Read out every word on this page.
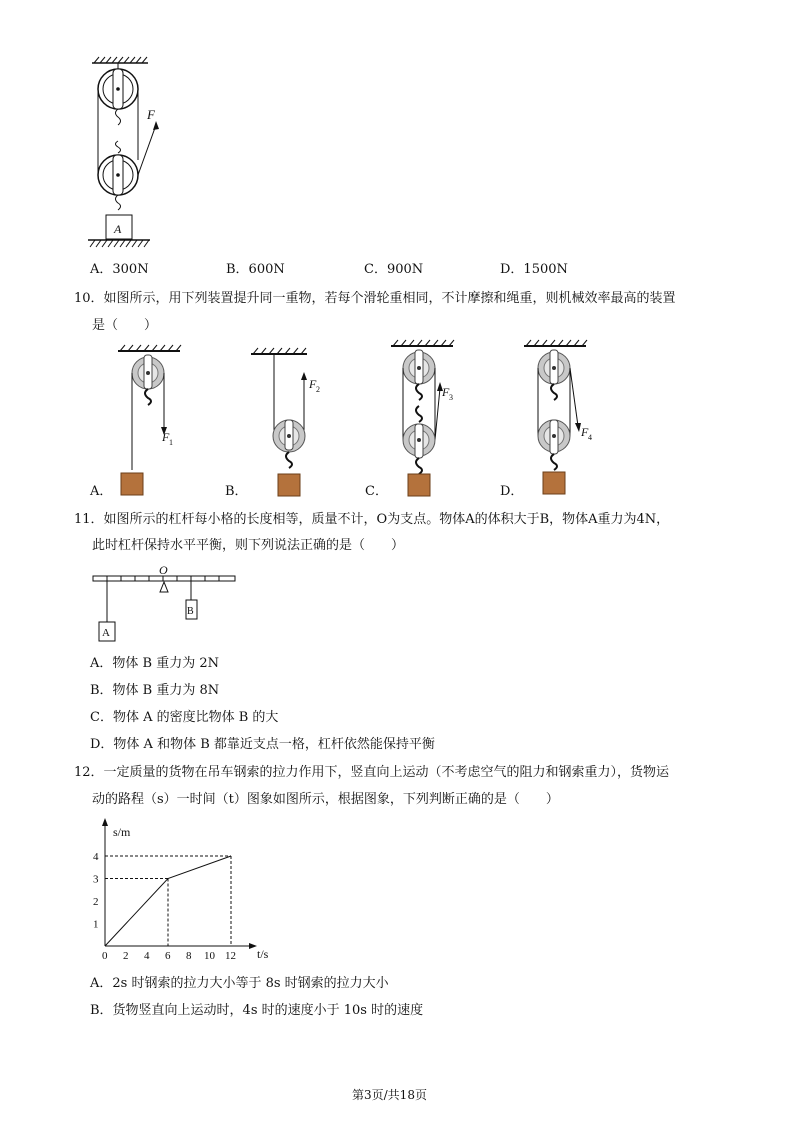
F
A
A．300N	B．600N	C．900N	D．1500N
10．如图所示，用下列装置提升同一重物，若每个滑轮重相同，不计摩擦和绳重，则机械效率最高的装置
是（　　）
F 1
A．
F 2
B．
F 3
C．
F 4
D．
11．如图所示的杠杆每小格的长度相等，质量不计，O为支点。物体A的体积大于B，物体A重力为4N，
此时杠杆保持水平平衡，则下列说法正确的是（　　）
O
A
B
A．物体 B 重力为 2N
B．物体 B 重力为 8N
C．物体 A 的密度比物体 B 的大
D．物体 A 和物体 B 都靠近支点一格，杠杆依然能保持平衡
12．一定质量的货物在吊车钢索的拉力作用下，竖直向上运动（不考虑空气的阻力和钢索重力），货物运
动的路程（s）一时间（t）图象如图所示，根据图象，下列判断正确的是（　　）
s/m
t/s
0 2 4 6 8 10 12
1
2
3
4
A．2s 时钢索的拉力大小等于 8s 时钢索的拉力大小
B．货物竖直向上运动时，4s 时的速度小于 10s 时的速度
第3页/共18页
